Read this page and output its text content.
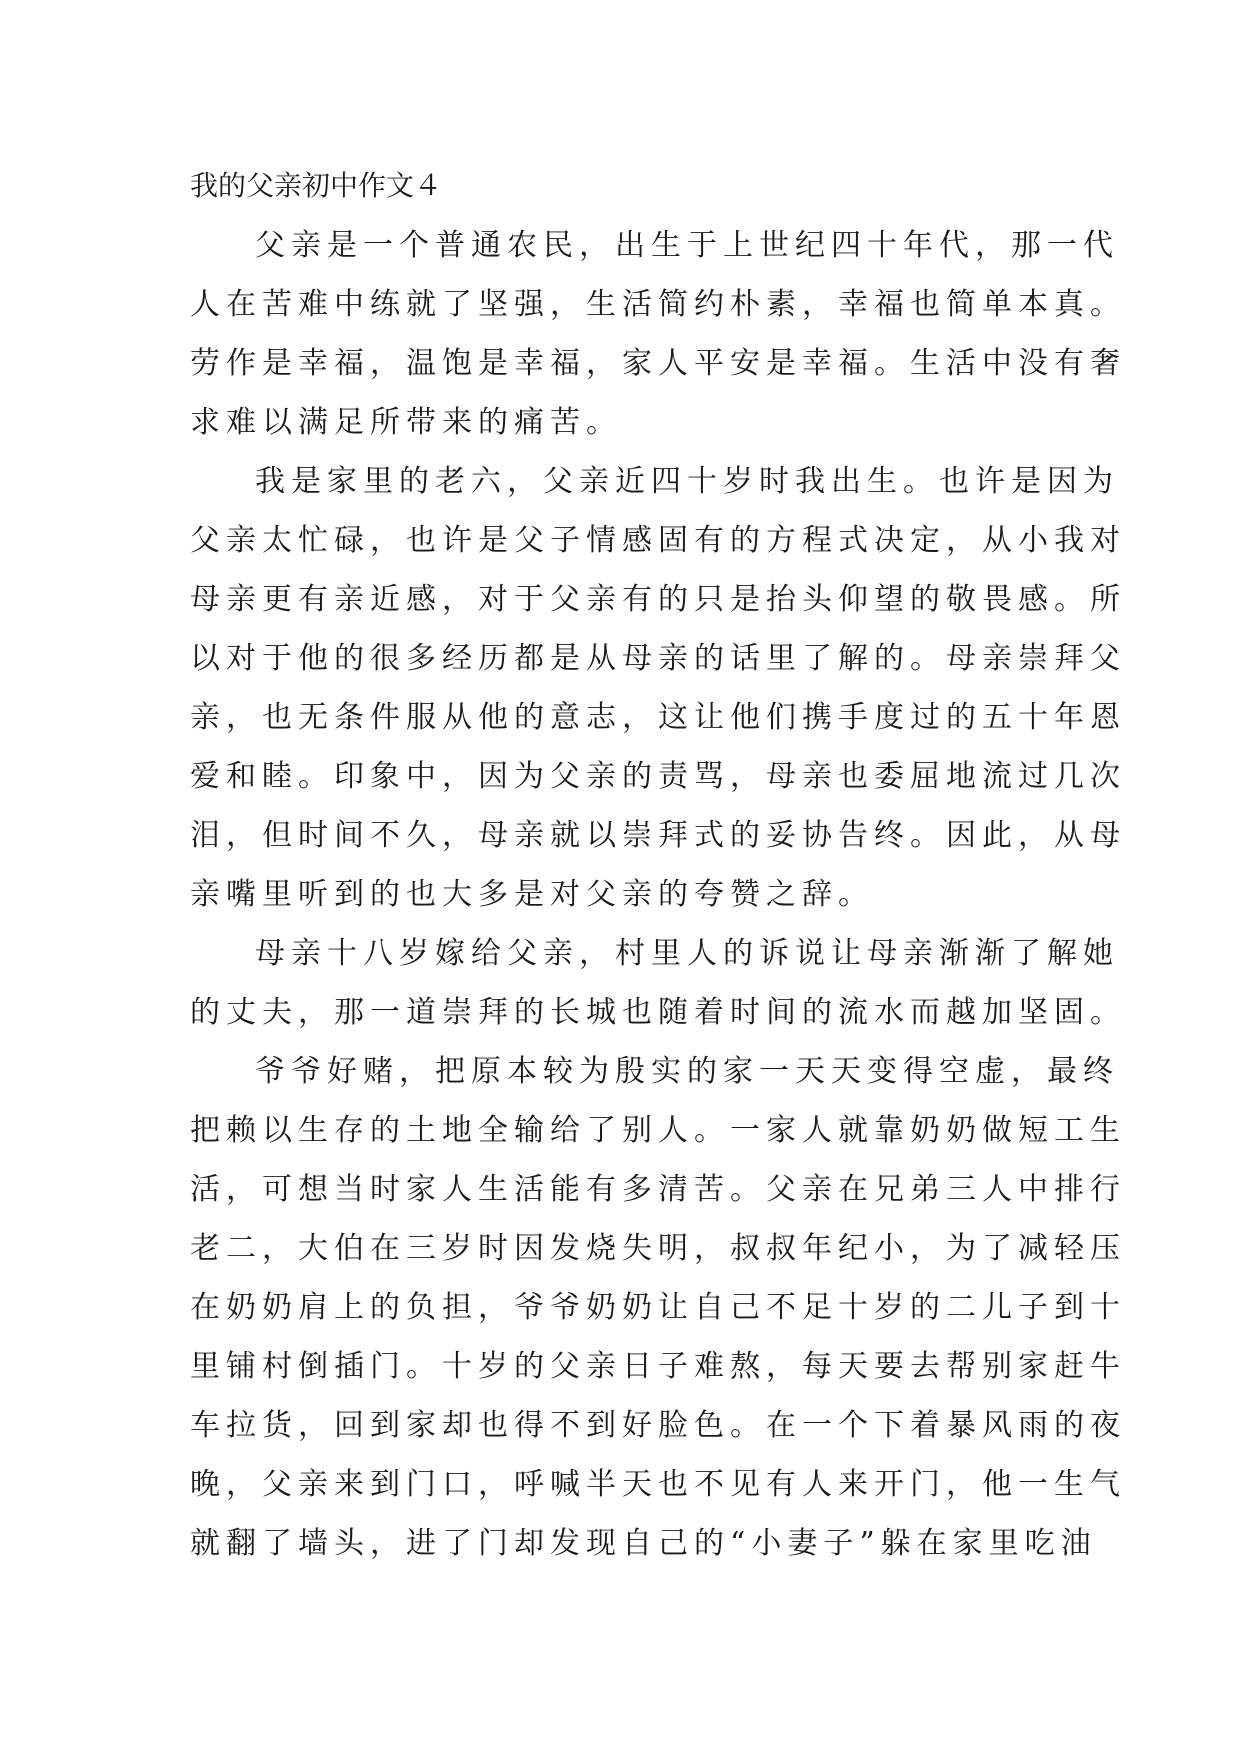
我的父亲初中作文４
父亲是一个普通农民，出生于上世纪四十年代，那一代
人在苦难中练就了坚强，生活简约朴素，幸福也简单本真。
劳作是幸福，温饱是幸福，家人平安是幸福。生活中没有奢
求难以满足所带来的痛苦。
我是家里的老六，父亲近四十岁时我出生。也许是因为
父亲太忙碌，也许是父子情感固有的方程式决定，从小我对
母亲更有亲近感，对于父亲有的只是抬头仰望的敬畏感。所
以对于他的很多经历都是从母亲的话里了解的。母亲崇拜父
亲，也无条件服从他的意志，这让他们携手度过的五十年恩
爱和睦。印象中，因为父亲的责骂，母亲也委屈地流过几次
泪，但时间不久，母亲就以崇拜式的妥协告终。因此，从母
亲嘴里听到的也大多是对父亲的夸赞之辞。
母亲十八岁嫁给父亲，村里人的诉说让母亲渐渐了解她
的丈夫，那一道崇拜的长城也随着时间的流水而越加坚固。
爷爷好赌，把原本较为殷实的家一天天变得空虚，最终
把赖以生存的土地全输给了别人。一家人就靠奶奶做短工生
活，可想当时家人生活能有多清苦。父亲在兄弟三人中排行
老二，大伯在三岁时因发烧失明，叔叔年纪小，为了减轻压
在奶奶肩上的负担，爷爷奶奶让自己不足十岁的二儿子到十
里铺村倒插门。十岁的父亲日子难熬，每天要去帮别家赶牛
车拉货，回到家却也得不到好脸色。在一个下着暴风雨的夜
晚，父亲来到门口，呼喊半天也不见有人来开门，他一生气
就翻了墙头，进了门却发现自己的“小妻子”躲在家里吃油
